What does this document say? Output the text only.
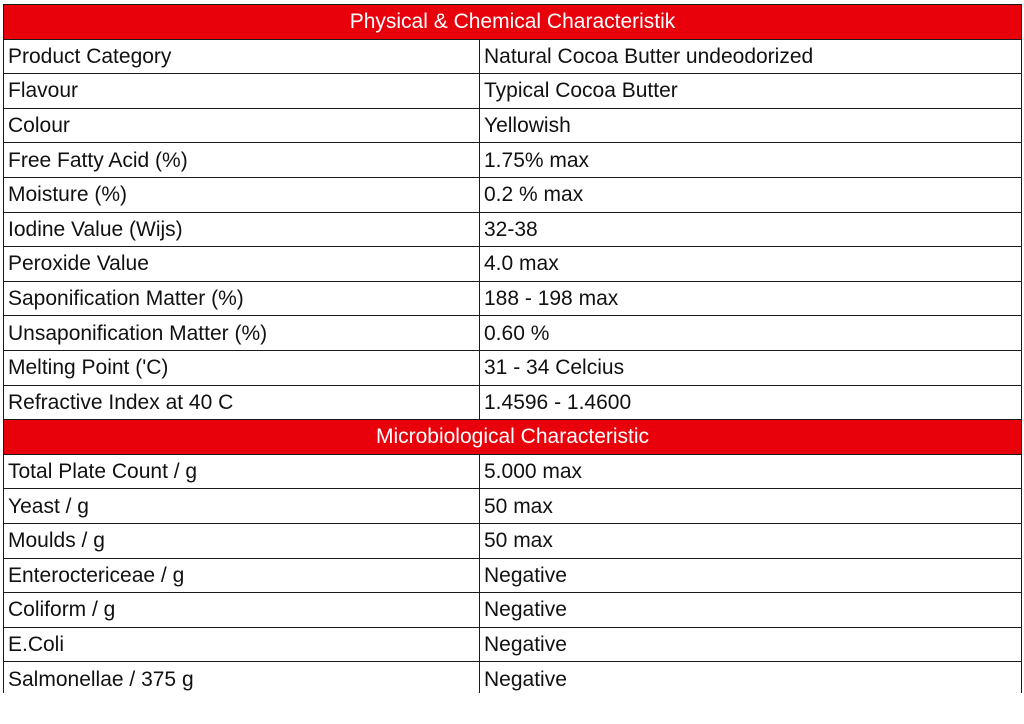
Physical & Chemical Characteristik	
Product Category	Natural Cocoa Butter undeodorized
Flavour	Typical Cocoa Butter
Colour	Yellowish
Free Fatty Acid (%)	1.75% max
Moisture (%)	0.2 % max
Iodine Value (Wijs)	32-38
Peroxide Value	4.0 max
Saponification Matter (%)	188 - 198 max
Unsaponification Matter (%)	0.60 %
Melting Point ('C)	31 - 34 Celcius
Refractive Index at 40 C	1.4596 - 1.4600
Microbiological Characteristic	
Total Plate Count / g	5.000 max
Yeast / g	50 max
Moulds / g	50 max
Enteroctericeae / g	Negative
Coliform / g	Negative
E.Coli	Negative
Salmonellae / 375 g	Negative
